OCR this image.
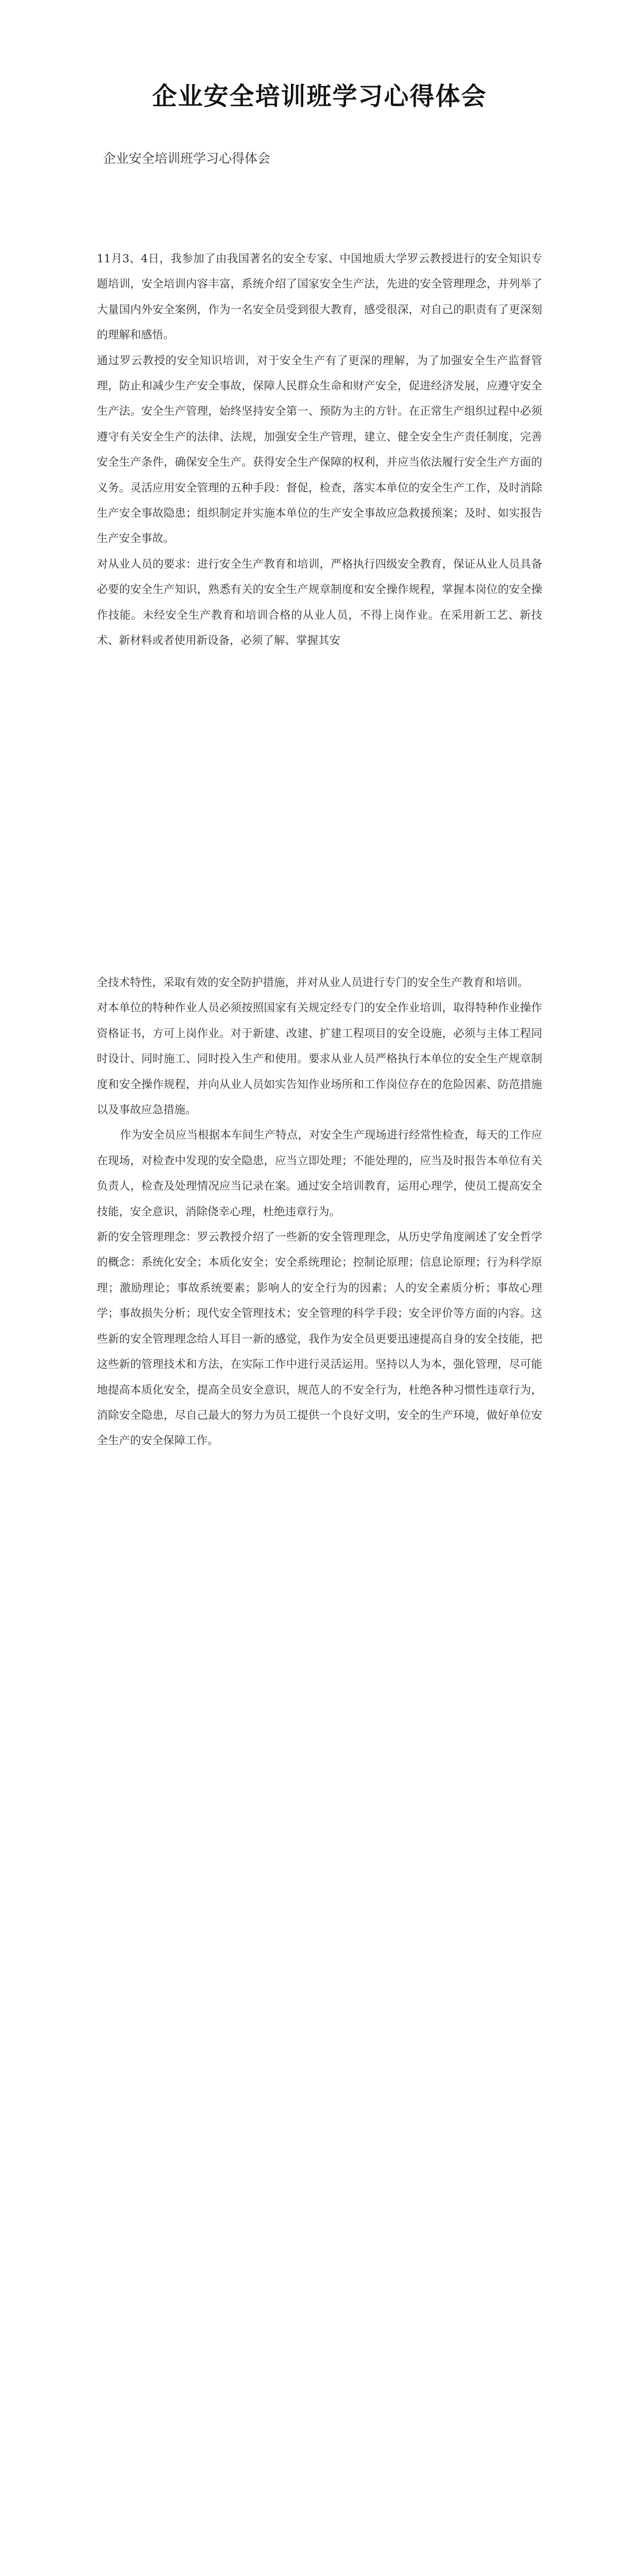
企业安全培训班学习心得体会
企业安全培训班学习心得体会

11月3、4日，我参加了由我国著名的安全专家、中国地质大学罗云教授进行的安全知识专题培训，安全培训内容丰富，系统介绍了国家安全生产法，先进的安全管理理念，并列举了大量国内外安全案例，作为一名安全员受到很大教育，感受很深，对自己的职责有了更深刻的理解和感悟。

通过罗云教授的安全知识培训，对于安全生产有了更深的理解，为了加强安全生产监督管理，防止和减少生产安全事故，保障人民群众生命和财产安全，促进经济发展，应遵守安全生产法。安全生产管理，始终坚持安全第一、预防为主的方针。在正常生产组织过程中必须遵守有关安全生产的法律、法规，加强安全生产管理，建立、健全安全生产责任制度，完善安全生产条件，确保安全生产。获得安全生产保障的权利，并应当依法履行安全生产方面的义务。灵活应用安全管理的五种手段：督促，检查，落实本单位的安全生产工作，及时消除生产安全事故隐患；组织制定并实施本单位的生产安全事故应急救援预案；及时、如实报告生产安全事故。

对从业人员的要求：进行安全生产教育和培训，严格执行四级安全教育，保证从业人员具备必要的安全生产知识，熟悉有关的安全生产规章制度和安全操作规程，掌握本岗位的安全操作技能。未经安全生产教育和培训合格的从业人员，不得上岗作业。在采用新工艺、新技术、新材料或者使用新设备，必须了解、掌握其安

全技术特性，采取有效的安全防护措施，并对从业人员进行专门的安全生产教育和培训。

对本单位的特种作业人员必须按照国家有关规定经专门的安全作业培训，取得特种作业操作资格证书，方可上岗作业。对于新建、改建、扩建工程项目的安全设施，必须与主体工程同时设计、同时施工、同时投入生产和使用。要求从业人员严格执行本单位的安全生产规章制度和安全操作规程，并向从业人员如实告知作业场所和工作岗位存在的危险因素、防范措施以及事故应急措施。

作为安全员应当根据本车间生产特点，对安全生产现场进行经常性检查，每天的工作应在现场，对检查中发现的安全隐患，应当立即处理；不能处理的，应当及时报告本单位有关负责人，检查及处理情况应当记录在案。通过安全培训教育，运用心理学，使员工提高安全技能，安全意识，消除侥幸心理，杜绝违章行为。

新的安全管理理念：罗云教授介绍了一些新的安全管理理念，从历史学角度阐述了安全哲学的概念：系统化安全；本质化安全；安全系统理论；控制论原理；信息论原理；行为科学原理；激励理论；事故系统要素；影响人的安全行为的因素；人的安全素质分析；事故心理学；事故损失分析；现代安全管理技术；安全管理的科学手段；安全评价等方面的内容。这些新的安全管理理念给人耳目一新的感觉，我作为安全员更要迅速提高自身的安全技能，把这些新的管理技术和方法，在实际工作中进行灵活运用。坚持以人为本，强化管理，尽可能地提高本质化安全，提高全员安全意识，规范人的不安全行为，杜绝各种习惯性违章行为，消除安全隐患，尽自己最大的努力为员工提供一个良好文明，安全的生产环境，做好单位安全生产的安全保障工作。
